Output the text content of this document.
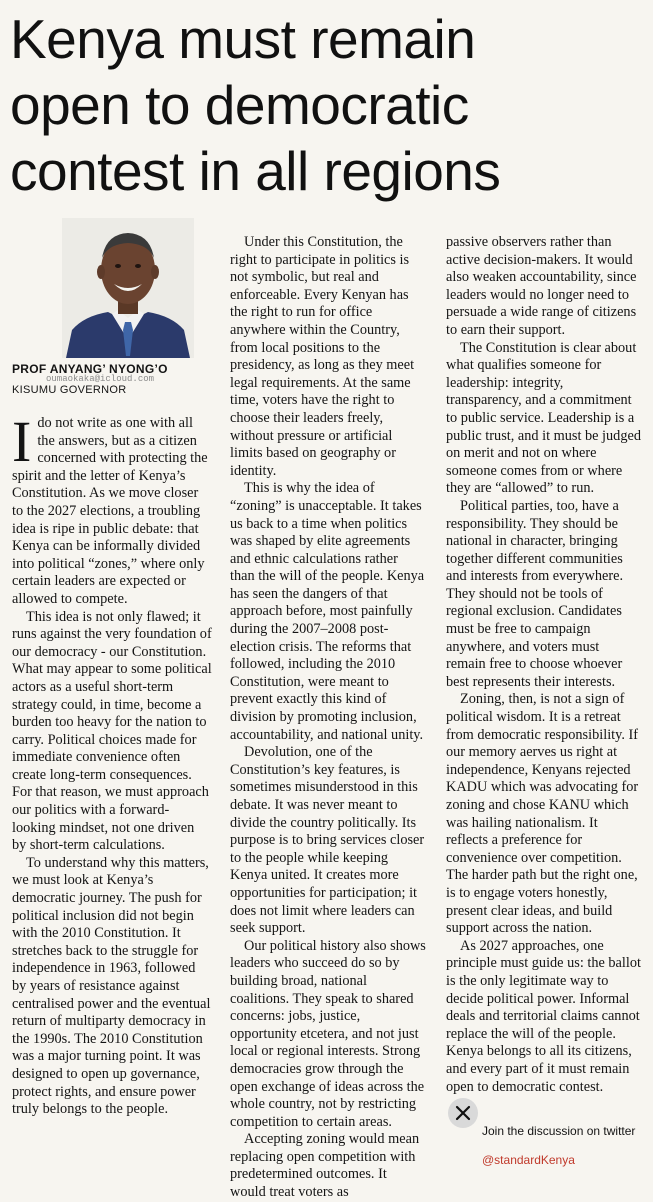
Kenya must remain
open to democratic
contest in all regions
PROF ANYANG’ NYONG’O
oumaokaka@icloud.com
KISUMU GOVERNOR

Ido not write as one with all the answers, but as a citizen concerned with protecting the spirit and the letter of Kenya’s Constitution. As we move closer to the 2027 elections, a troubling idea is ripe in public debate: that Kenya can be informally divided into political “zones,” where only certain leaders are expected or allowed to compete.

This idea is not only flawed; it runs against the very foundation of our democracy - our Constitution. What may appear to some political actors as a useful short-term strategy could, in time, become a burden too heavy for the nation to carry. Political choices made for immediate convenience often create long-term consequences. For that reason, we must approach our politics with a forward-looking mindset, not one driven by short-term calculations.

To understand why this matters, we must look at Kenya’s democratic journey. The push for political inclusion did not begin with the 2010 Constitution. It stretches back to the struggle for independence in 1963, followed by years of resistance against centralised power and the eventual return of multiparty democracy in the 1990s. The 2010 Constitution was a major turning point. It was designed to open up governance, protect rights, and ensure power truly belongs to the people.

Under this Constitution, the right to participate in politics is not symbolic, but real and enforceable. Every Kenyan has the right to run for office anywhere within the Country, from local positions to the presidency, as long as they meet legal requirements. At the same time, voters have the right to choose their leaders freely, without pressure or artificial limits based on geography or identity.

This is why the idea of “zoning” is unacceptable. It takes us back to a time when politics was shaped by elite agreements and ethnic calculations rather than the will of the people. Kenya has seen the dangers of that approach before, most painfully during the 2007–2008 post-election crisis. The reforms that followed, including the 2010 Constitution, were meant to prevent exactly this kind of division by promoting inclusion, accountability, and national unity.

Devolution, one of the Constitution’s key features, is sometimes misunderstood in this debate. It was never meant to divide the country politically. Its purpose is to bring services closer to the people while keeping Kenya united. It creates more opportunities for participation; it does not limit where leaders can seek support.

Our political history also shows leaders who succeed do so by building broad, national coalitions. They speak to shared concerns: jobs, justice, opportunity etcetera, and not just local or regional interests. Strong democracies grow through the open exchange of ideas across the whole country, not by restricting competition to certain areas.

Accepting zoning would mean replacing open competition with predetermined outcomes. It would treat voters as

passive observers rather than active decision-makers. It would also weaken accountability, since leaders would no longer need to persuade a wide range of citizens to earn their support.

The Constitution is clear about what qualifies someone for leadership: integrity, transparency, and a commitment to public service. Leadership is a public trust, and it must be judged on merit and not on where someone comes from or where they are “allowed” to run.

Political parties, too, have a responsibility. They should be national in character, bringing together different communities and interests from everywhere. They should not be tools of regional exclusion. Candidates must be free to campaign anywhere, and voters must remain free to choose whoever best represents their interests.

Zoning, then, is not a sign of political wisdom. It is a retreat from democratic responsibility. If our memory aerves us right at independence, Kenyans rejected KADU which was advocating for zoning and chose KANU which was hailing nationalism. It reflects a preference for convenience over competition. The harder path but the right one, is to engage voters honestly, present clear ideas, and build support across the nation.

As 2027 approaches, one principle must guide us: the ballot is the only legitimate way to decide political power. Informal deals and territorial claims cannot replace the will of the people. Kenya belongs to all its citizens, and every part of it must remain open to democratic contest.

Join the discussion on twitter
@standardKenya
